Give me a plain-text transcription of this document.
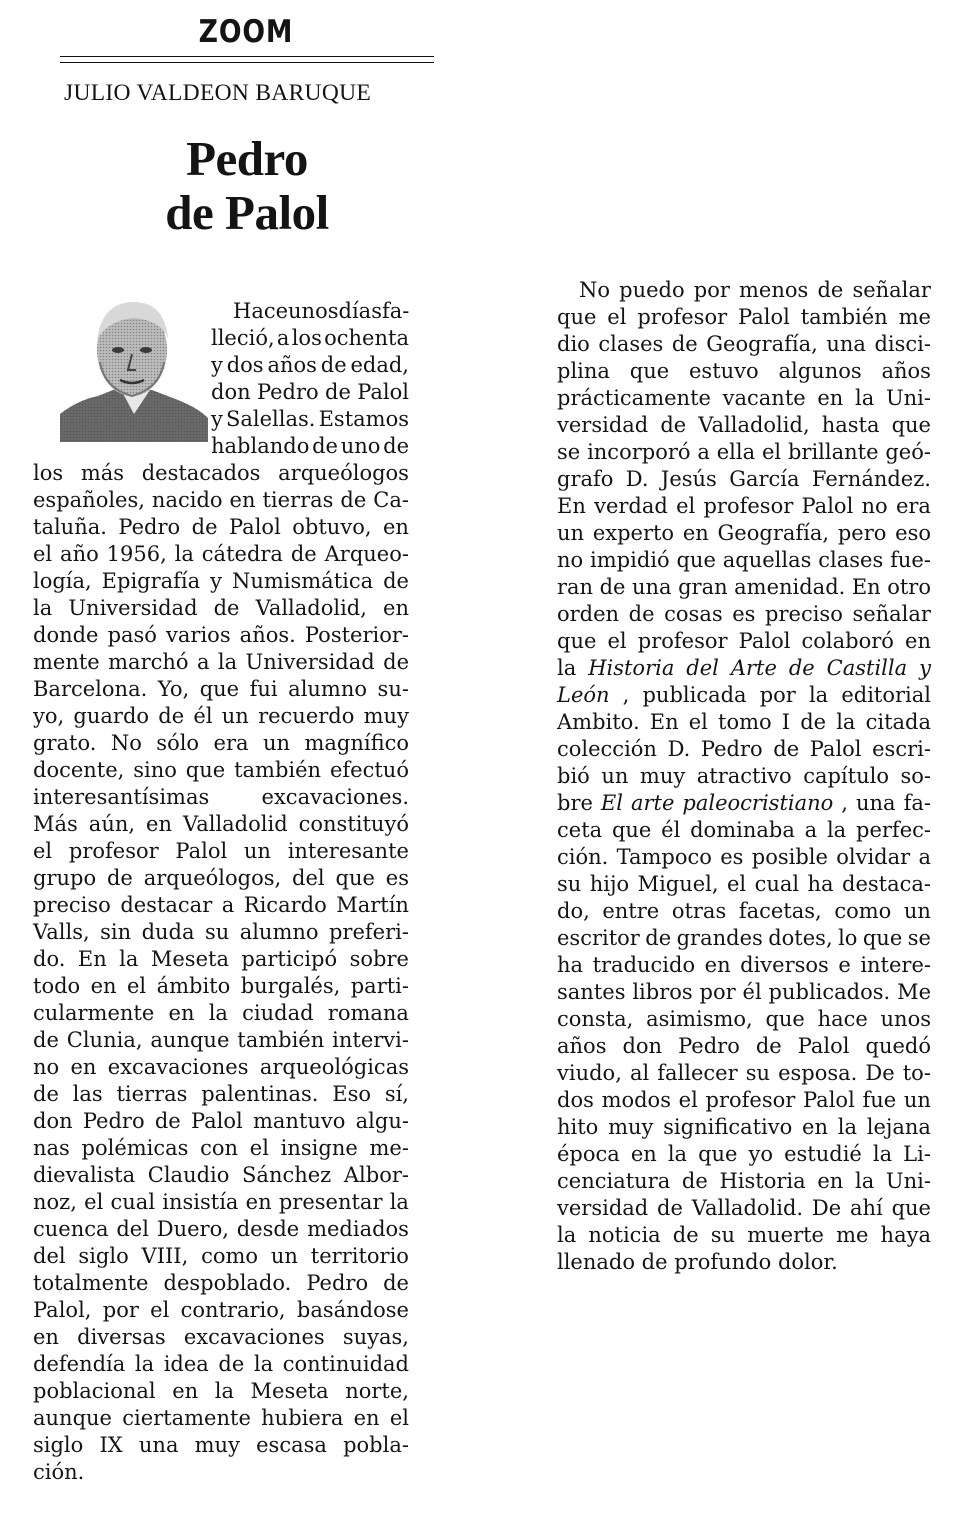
ZOOM
JULIO VALDEON BARUQUE
Pedro
de Palol
Hace unos días fa-
lleció, a los ochenta
y dos años de edad,
don Pedro de Palol
y Salellas. Estamos
hablando de uno de
los más destacados arqueólogos
españoles, nacido en tierras de Ca-
taluña. Pedro de Palol obtuvo, en
el año 1956, la cátedra de Arqueo-
logía, Epigrafía y Numismática de
la Universidad de Valladolid, en
donde pasó varios años. Posterior-
mente marchó a la Universidad de
Barcelona. Yo, que fui alumno su-
yo, guardo de él un recuerdo muy
grato. No sólo era un magnífico
docente, sino que también efectuó
interesantísimas excavaciones.
Más aún, en Valladolid constituyó
el profesor Palol un interesante
grupo de arqueólogos, del que es
preciso destacar a Ricardo Martín
Valls, sin duda su alumno preferi-
do. En la Meseta participó sobre
todo en el ámbito burgalés, parti-
cularmente en la ciudad romana
de Clunia, aunque también intervi-
no en excavaciones arqueológicas
de las tierras palentinas. Eso sí,
don Pedro de Palol mantuvo algu-
nas polémicas con el insigne me-
dievalista Claudio Sánchez Albor-
noz, el cual insistía en presentar la
cuenca del Duero, desde mediados
del siglo VIII, como un territorio
totalmente despoblado. Pedro de
Palol, por el contrario, basándose
en diversas excavaciones suyas,
defendía la idea de la continuidad
poblacional en la Meseta norte,
aunque ciertamente hubiera en el
siglo IX una muy escasa pobla-
ción.
No puedo por menos de señalar
que el profesor Palol también me
dio clases de Geografía, una disci-
plina que estuvo algunos años
prácticamente vacante en la Uni-
versidad de Valladolid, hasta que
se incorporó a ella el brillante geó-
grafo D. Jesús García Fernández.
En verdad el profesor Palol no era
un experto en Geografía, pero eso
no impidió que aquellas clases fue-
ran de una gran amenidad. En otro
orden de cosas es preciso señalar
que el profesor Palol colaboró en
la Historia del Arte de Castilla y
León , publicada por la editorial
Ambito. En el tomo I de la citada
colección D. Pedro de Palol escri-
bió un muy atractivo capítulo so-
bre El arte paleocristiano , una fa-
ceta que él dominaba a la perfec-
ción. Tampoco es posible olvidar a
su hijo Miguel, el cual ha destaca-
do, entre otras facetas, como un
escritor de grandes dotes, lo que se
ha traducido en diversos e intere-
santes libros por él publicados. Me
consta, asimismo, que hace unos
años don Pedro de Palol quedó
viudo, al fallecer su esposa. De to-
dos modos el profesor Palol fue un
hito muy significativo en la lejana
época en la que yo estudié la Li-
cenciatura de Historia en la Uni-
versidad de Valladolid. De ahí que
la noticia de su muerte me haya
llenado de profundo dolor.
